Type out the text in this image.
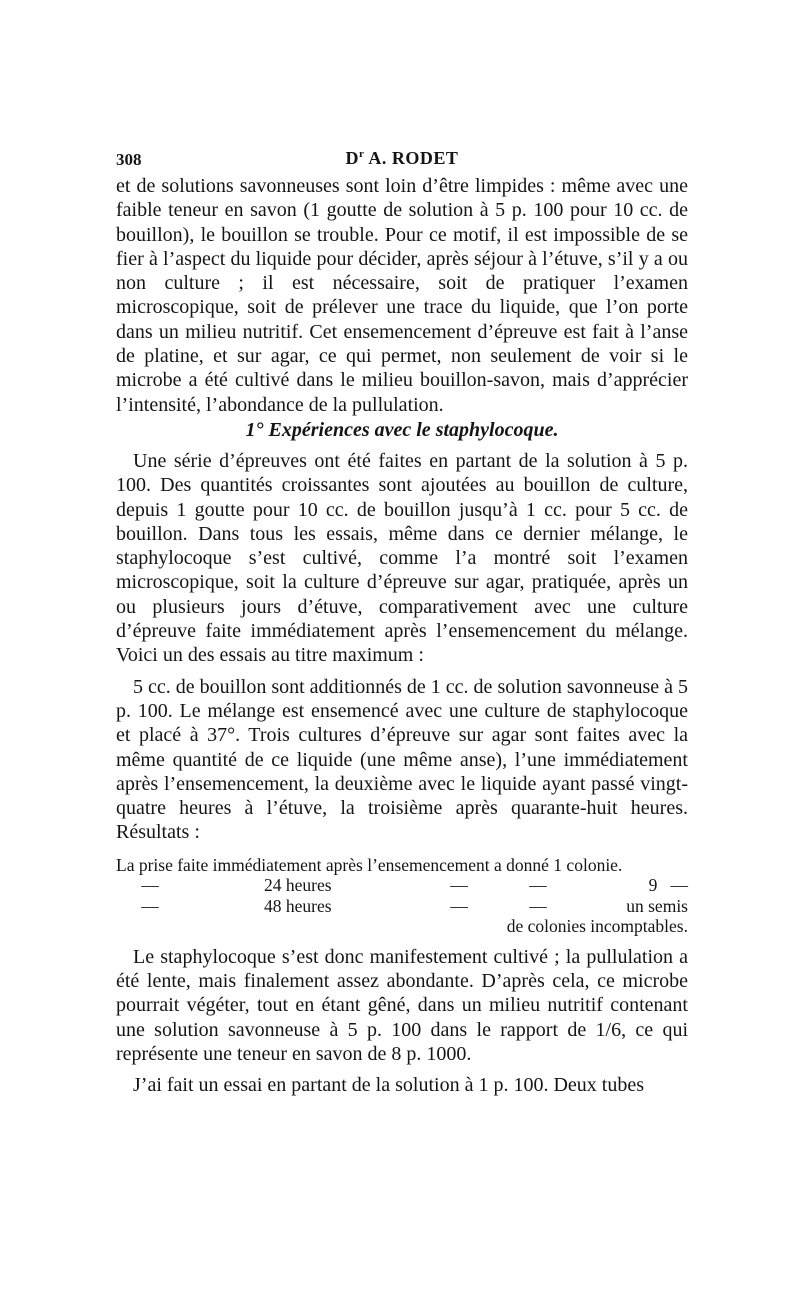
308	$D^r$ A. RODET

et de solutions savonneuses sont loin d’être limpides : même avec une faible teneur en savon (1 goutte de solution à 5 p. 100 pour 10 cc. de bouillon), le bouillon se trouble. Pour ce motif, il est impossible de se fier à l’aspect du liquide pour décider, après séjour à l’étuve, s’il y a ou non culture ; il est nécessaire, soit de pratiquer l’examen microscopique, soit de prélever une trace du liquide, que l’on porte dans un milieu nutritif. Cet ensemencement d’épreuve est fait à l’anse de platine, et sur agar, ce qui permet, non seulement de voir si le microbe a été cultivé dans le milieu bouillon-savon, mais d’apprécier l’intensité, l’abondance de la pullulation.

1° Expériences avec le staphylocoque.

Une série d’épreuves ont été faites en partant de la solution à 5 p. 100. Des quantités croissantes sont ajoutées au bouillon de culture, depuis 1 goutte pour 10 cc. de bouillon jusqu’à 1 cc. pour 5 cc. de bouillon. Dans tous les essais, même dans ce dernier mélange, le staphylocoque s’est cultivé, comme l’a montré soit l’examen microscopique, soit la culture d’épreuve sur agar, pratiquée, après un ou plusieurs jours d’étuve, comparativement avec une culture d’épreuve faite immédiatement après l’ensemencement du mélange. Voici un des essais au titre maximum :

5 cc. de bouillon sont additionnés de 1 cc. de solution savonneuse à 5 p. 100. Le mélange est ensemencé avec une culture de staphylocoque et placé à 37°. Trois cultures d’épreuve sur agar sont faites avec la même quantité de ce liquide (une même anse), l’une immédiatement après l’ensemencement, la deuxième avec le liquide ayant passé vingt-quatre heures à l’étuve, la troisième après quarante-huit heures. Résultats :

La prise faite immédiatement après l’ensemencement a donné 1 colonie.
—	24 heures	—	—	9   —
—	48 heures	—	—	un semis
de colonies incomptables.

Le staphylocoque s’est donc manifestement cultivé ; la pullulation a été lente, mais finalement assez abondante. D’après cela, ce microbe pourrait végéter, tout en étant gêné, dans un milieu nutritif contenant une solution savonneuse à 5 p. 100 dans le rapport de 1/6, ce qui représente une teneur en savon de 8 p. 1000.

J’ai fait un essai en partant de la solution à 1 p. 100. Deux tubes
